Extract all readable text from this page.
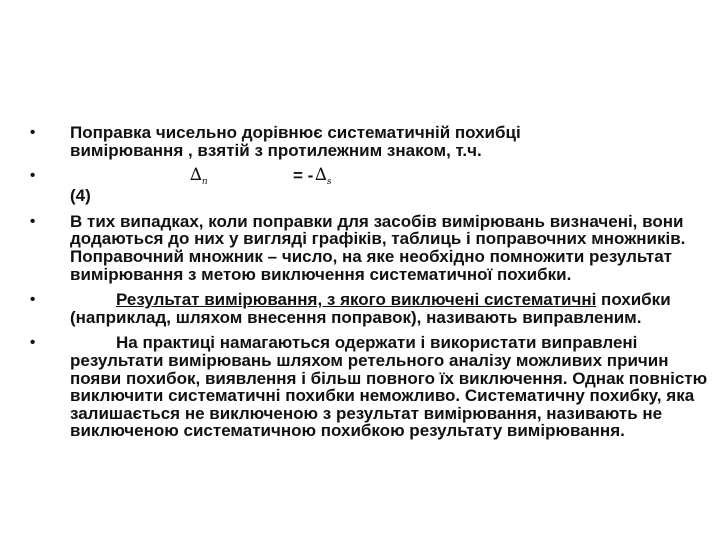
• Поправка чисельно дорівнює систематичній похибці
вимірювання , взятій з протилежним знаком, т.ч.
•	$\Delta_n$	= - $\Delta_s$
(4)
• В тих випадках, коли поправки для засобів вимірювань визначені, вони додаються до них у вигляді графіків, таблиць і поправочних множників. Поправочний множник – число, на яке необхідно помножити результат вимірювання з метою виключення систематичної похибки.
•	Результат вимірювання, з якого виключені систематичні похибки (наприклад, шляхом внесення поправок), називають виправленим.
•	На практиці намагаються одержати і використати виправлені результати вимірювань шляхом ретельного аналізу можливих причин появи похибок, виявлення і більш повного їх виключення. Однак повністю виключити систематичні похибки неможливо. Систематичну похибку, яка залишається не виключеною з результат вимірювання, називають не виключеною систематичною похибкою результату вимірювання.
